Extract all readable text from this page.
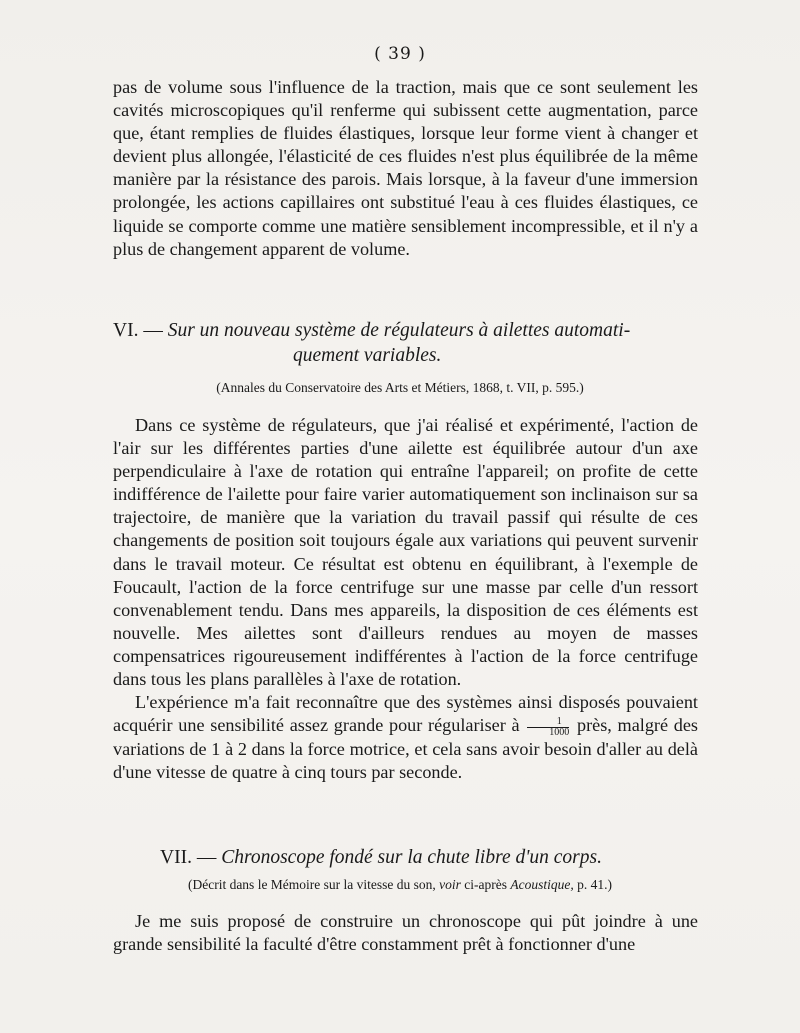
( 39 )

pas de volume sous l'influence de la traction, mais que ce sont seulement les cavités microscopiques qu'il renferme qui subissent cette augmentation, parce que, étant remplies de fluides élastiques, lorsque leur forme vient à changer et devient plus allongée, l'élasticité de ces fluides n'est plus équilibrée de la même manière par la résistance des parois. Mais lorsque, à la faveur d'une immersion prolongée, les actions capillaires ont substitué l'eau à ces fluides élastiques, ce liquide se comporte comme une matière sensiblement incompressible, et il n'y a plus de changement apparent de volume.

VI. — Sur un nouveau système de régulateurs à ailettes automati-
quement variables.
(Annales du Conservatoire des Arts et Métiers, 1868, t. VII, p. 595.)

Dans ce système de régulateurs, que j'ai réalisé et expérimenté, l'action de l'air sur les différentes parties d'une ailette est équilibrée autour d'un axe perpendiculaire à l'axe de rotation qui entraîne l'appareil; on profite de cette indifférence de l'ailette pour faire varier automatiquement son inclinaison sur sa trajectoire, de manière que la variation du travail passif qui résulte de ces changements de position soit toujours égale aux variations qui peuvent survenir dans le travail moteur. Ce résultat est obtenu en équilibrant, à l'exemple de Foucault, l'action de la force centrifuge sur une masse par celle d'un ressort convenablement tendu. Dans mes appareils, la disposition de ces éléments est nouvelle. Mes ailettes sont d'ailleurs rendues au moyen de masses compensatrices rigoureusement indifférentes à l'action de la force centrifuge dans tous les plans parallèles à l'axe de rotation.

L'expérience m'a fait reconnaître que des systèmes ainsi disposés pouvaient acquérir une sensibilité assez grande pour régulariser à $\frac{1}{1000}$ près, malgré des variations de 1 à 2 dans la force motrice, et cela sans avoir besoin d'aller au delà d'une vitesse de quatre à cinq tours par seconde.

VII. — Chronoscope fondé sur la chute libre d'un corps.
(Décrit dans le Mémoire sur la vitesse du son, voir ci-après Acoustique, p. 41.)

Je me suis proposé de construire un chronoscope qui pût joindre à une grande sensibilité la faculté d'être constamment prêt à fonctionner d'une
